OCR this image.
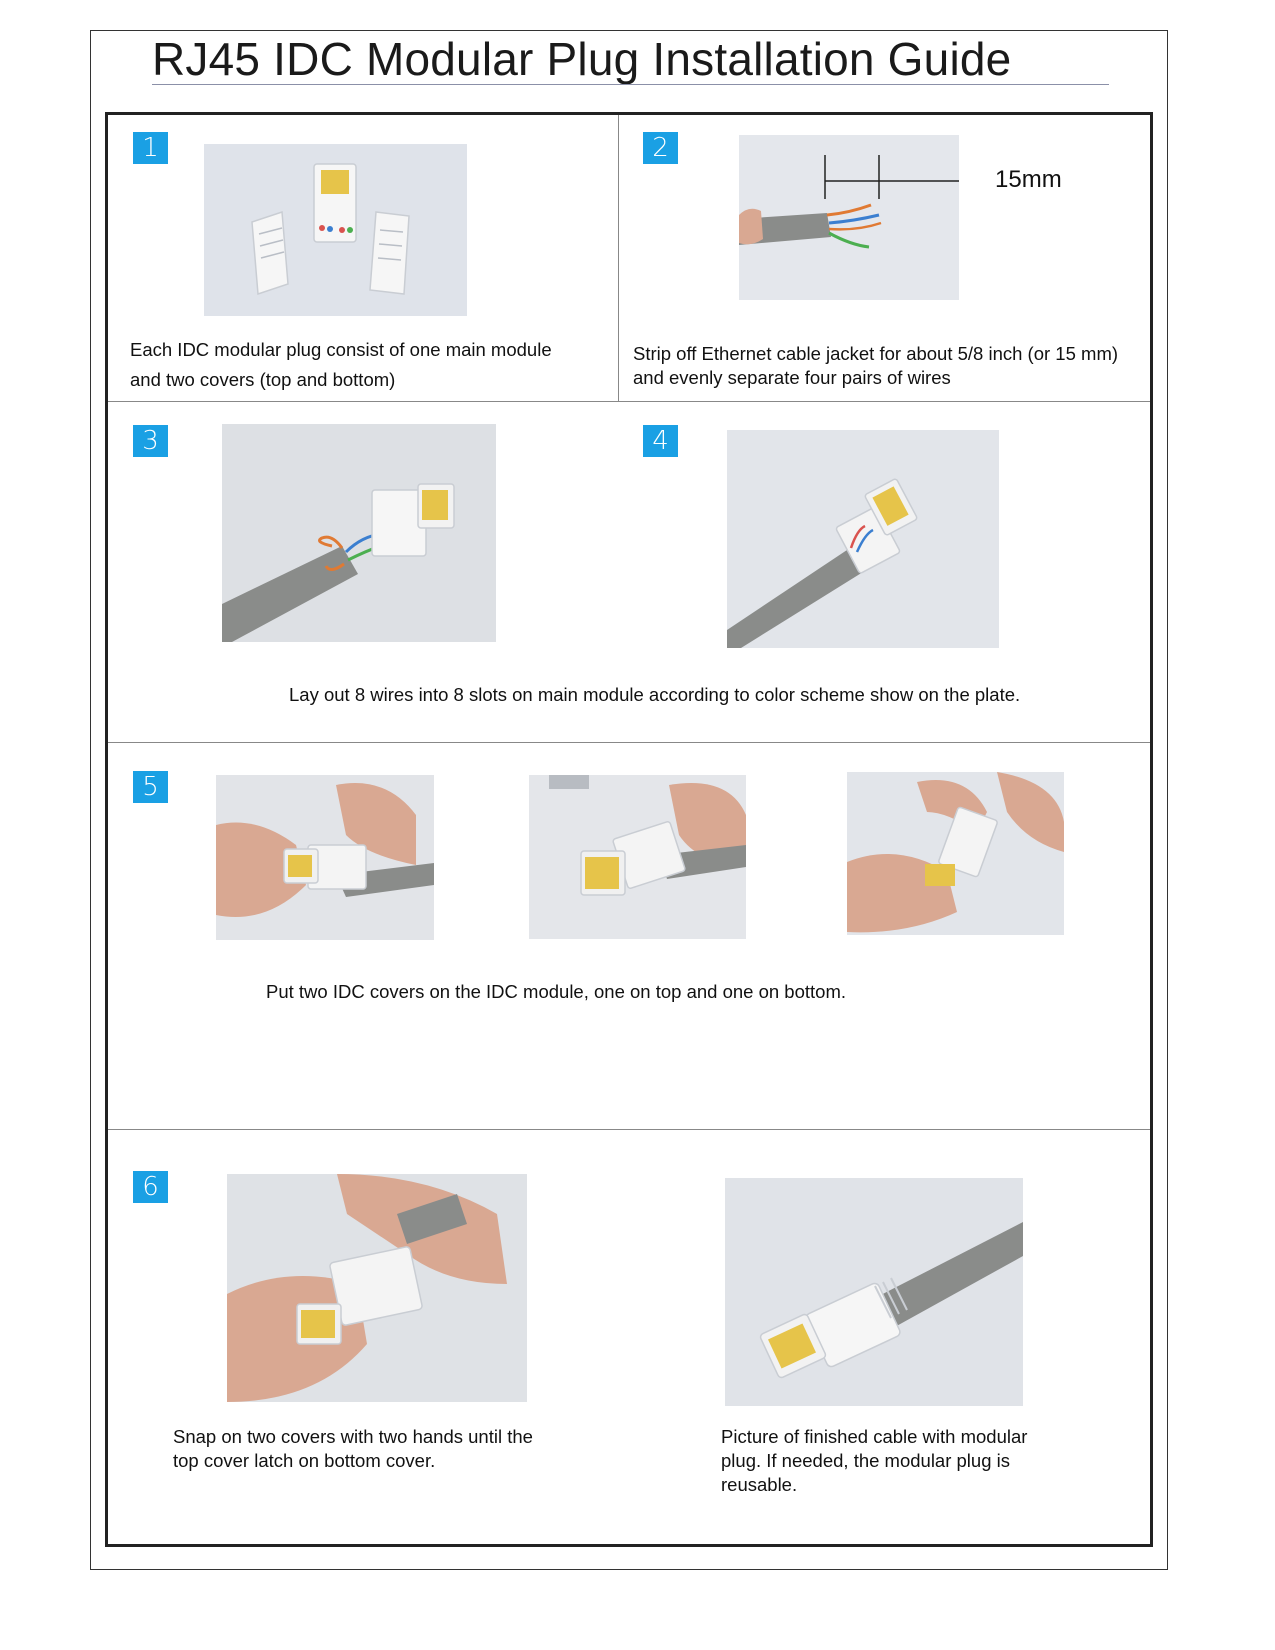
RJ45 IDC Modular Plug Installation Guide
1
Each IDC modular plug consist of one main module
and two covers (top and bottom)
2
15mm
Strip off Ethernet cable jacket for about 5/8 inch (or 15 mm)
and evenly separate four pairs of wires
3	4
Lay out 8 wires into 8 slots on main module according to color scheme show on the plate.
5
Put two IDC covers on the IDC module, one on top and one on bottom.
6
Snap on two covers with two hands until the
top cover latch on bottom cover.
Picture of finished cable with modular
plug. If needed, the modular plug is
reusable.
